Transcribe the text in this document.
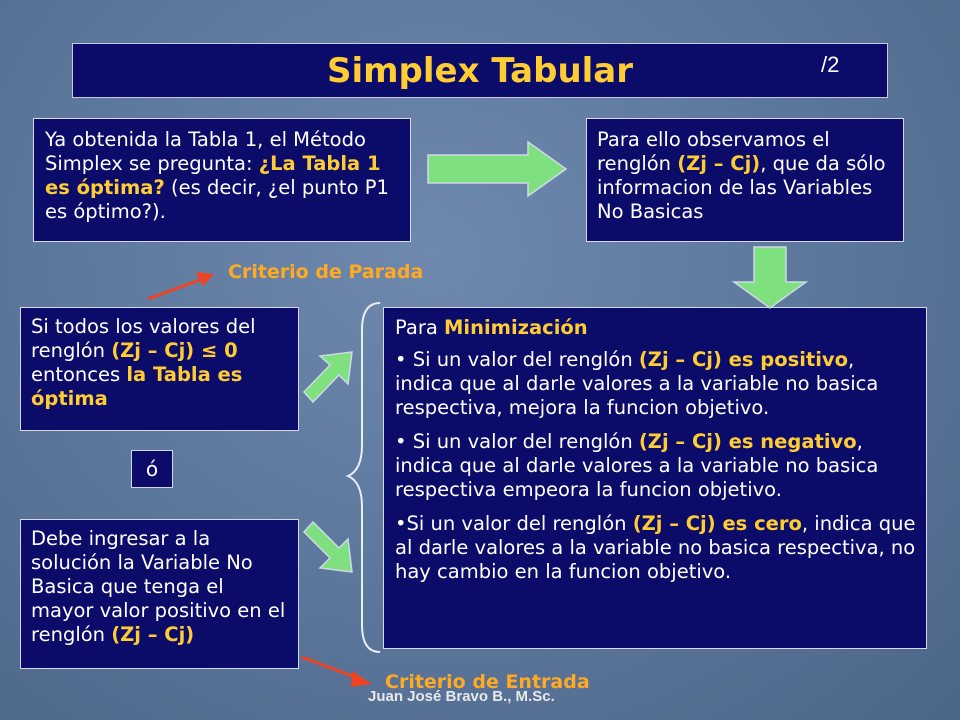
Simplex Tabular	/2
Ya obtenida la Tabla 1, el Método Simplex se pregunta: ¿La Tabla 1 es óptima? (es decir, ¿el punto P1 es óptimo?).
Para ello observamos el renglón (Zj – Cj), que da sólo informacion de las Variables No Basicas
Criterio de Parada
Si todos los valores del renglón (Zj – Cj) ≤ 0 entonces la Tabla es óptima
ó
Debe ingresar a la solución la Variable No Basica que tenga el mayor valor positivo en el renglón (Zj – Cj)

Para Minimización

• Si un valor del renglón (Zj – Cj) es positivo, indica que al darle valores a la variable no basica respectiva, mejora la funcion objetivo.

• Si un valor del renglón (Zj – Cj) es negativo, indica que al darle valores a la variable no basica respectiva empeora la funcion objetivo.

•Si un valor del renglón (Zj – Cj) es cero, indica que al darle valores a la variable no basica respectiva, no hay cambio en la funcion objetivo.

Criterio de Entrada
Juan José Bravo B., M.Sc.
